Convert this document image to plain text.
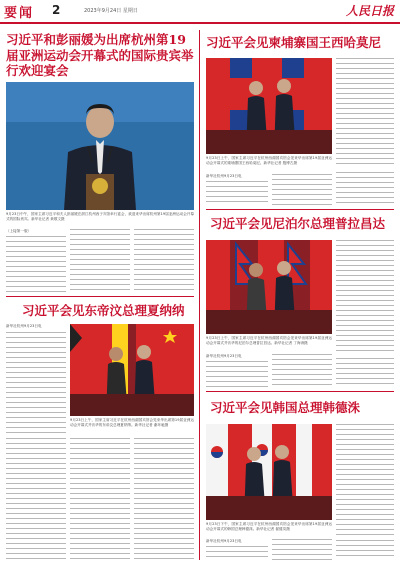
要闻 2	2023年9月24日 星期日	人民日报
习近平和彭丽媛为出席杭州第19届亚洲运动会开幕式的国际贵宾举行欢迎宴会
9月23日中午，国家主席习近平和夫人彭丽媛在浙江杭州西子宾馆举行宴会，欢迎来华出席杭州第19届亚洲运动会开幕式的国际贵宾。新华社记者 黄敬文摄
（上接第一版）
习近平会见东帝汶总理夏纳纳
新华社杭州9月23日电
9月23日上午，国家主席习近平在杭州西湖国宾馆会见来华出席第19届亚洲运动会开幕式并访华的东帝汶总理夏纳纳。新华社记者 谢环驰摄
习近平会见柬埔寨国王西哈莫尼
9月23日上午，国家主席习近平在杭州西湖国宾馆会见来华出席第19届亚洲运动会开幕式的柬埔寨国王西哈莫尼。新华社记者 殷博古摄
新华社杭州9月23日电
习近平会见尼泊尔总理普拉昌达
9月23日上午，国家主席习近平在杭州西湖国宾馆会见来华出席第19届亚洲运动会开幕式并访华的尼泊尔总理普拉昌达。新华社记者 丁海涛摄
新华社杭州9月23日电
习近平会见韩国总理韩德洙
9月23日下午，国家主席习近平在杭州西湖国宾馆会见来华出席第19届亚洲运动会开幕式的韩国总理韩德洙。新华社记者 翟健岚摄
新华社杭州9月23日电
